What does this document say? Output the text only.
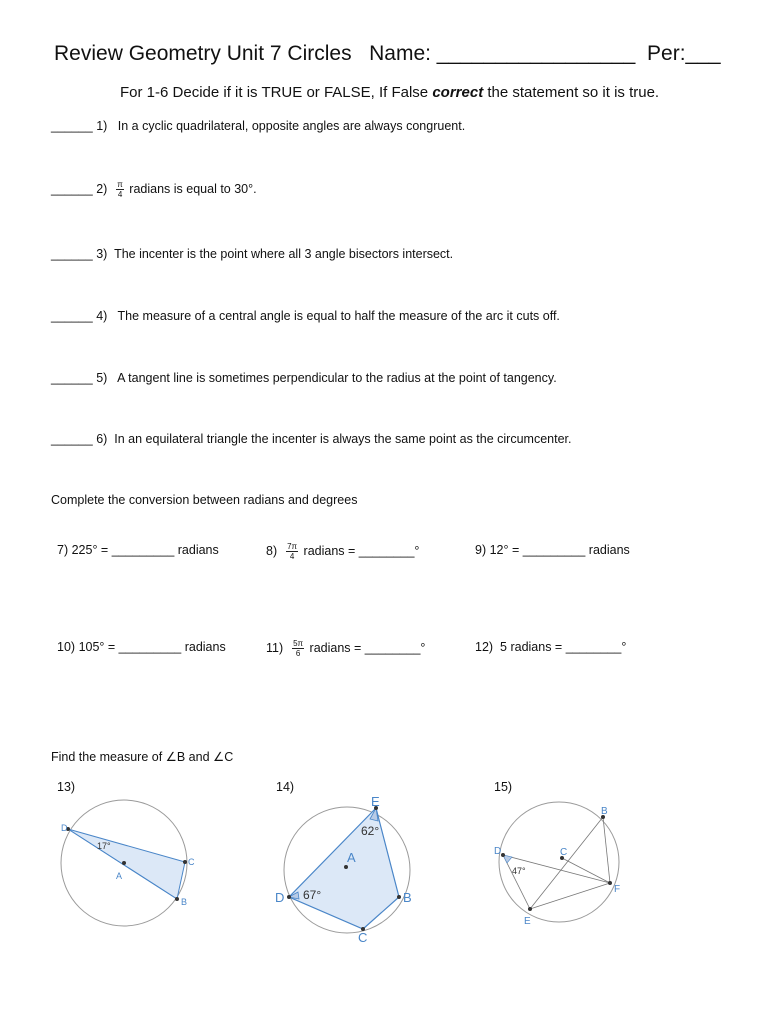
Review Geometry Unit 7 Circles Name: _________________ Per:___
For 1-6 Decide if it is TRUE or FALSE, If False correct the statement so it is true.
______ 1) In a cyclic quadrilateral, opposite angles are always congruent.
______ $2) \frac{\pi}{4}$ radians is equal to 30°.
______ 3) The incenter is the point where all 3 angle bisectors intersect.
______ 4) The measure of a central angle is equal to half the measure of the arc it cuts off.
______ 5) A tangent line is sometimes perpendicular to the radius at the point of tangency.
______ 6) In an equilateral triangle the incenter is always the same point as the circumcenter.
Complete the conversion between radians and degrees
7) 225° = _________ radians	$8) \frac{7\pi}{4}$ radians = ________°	9) 12° = _________ radians
10) 105° = _________ radians	$11) \frac{5\pi}{6}$ radians = ________°	12) 5 radians = ________°
Find the measure of ∠B and ∠C
13)	14)	15)
D
C
A
B
17°
E
A
D	B
C
62°
67°
B
D	C
F
E
47°
